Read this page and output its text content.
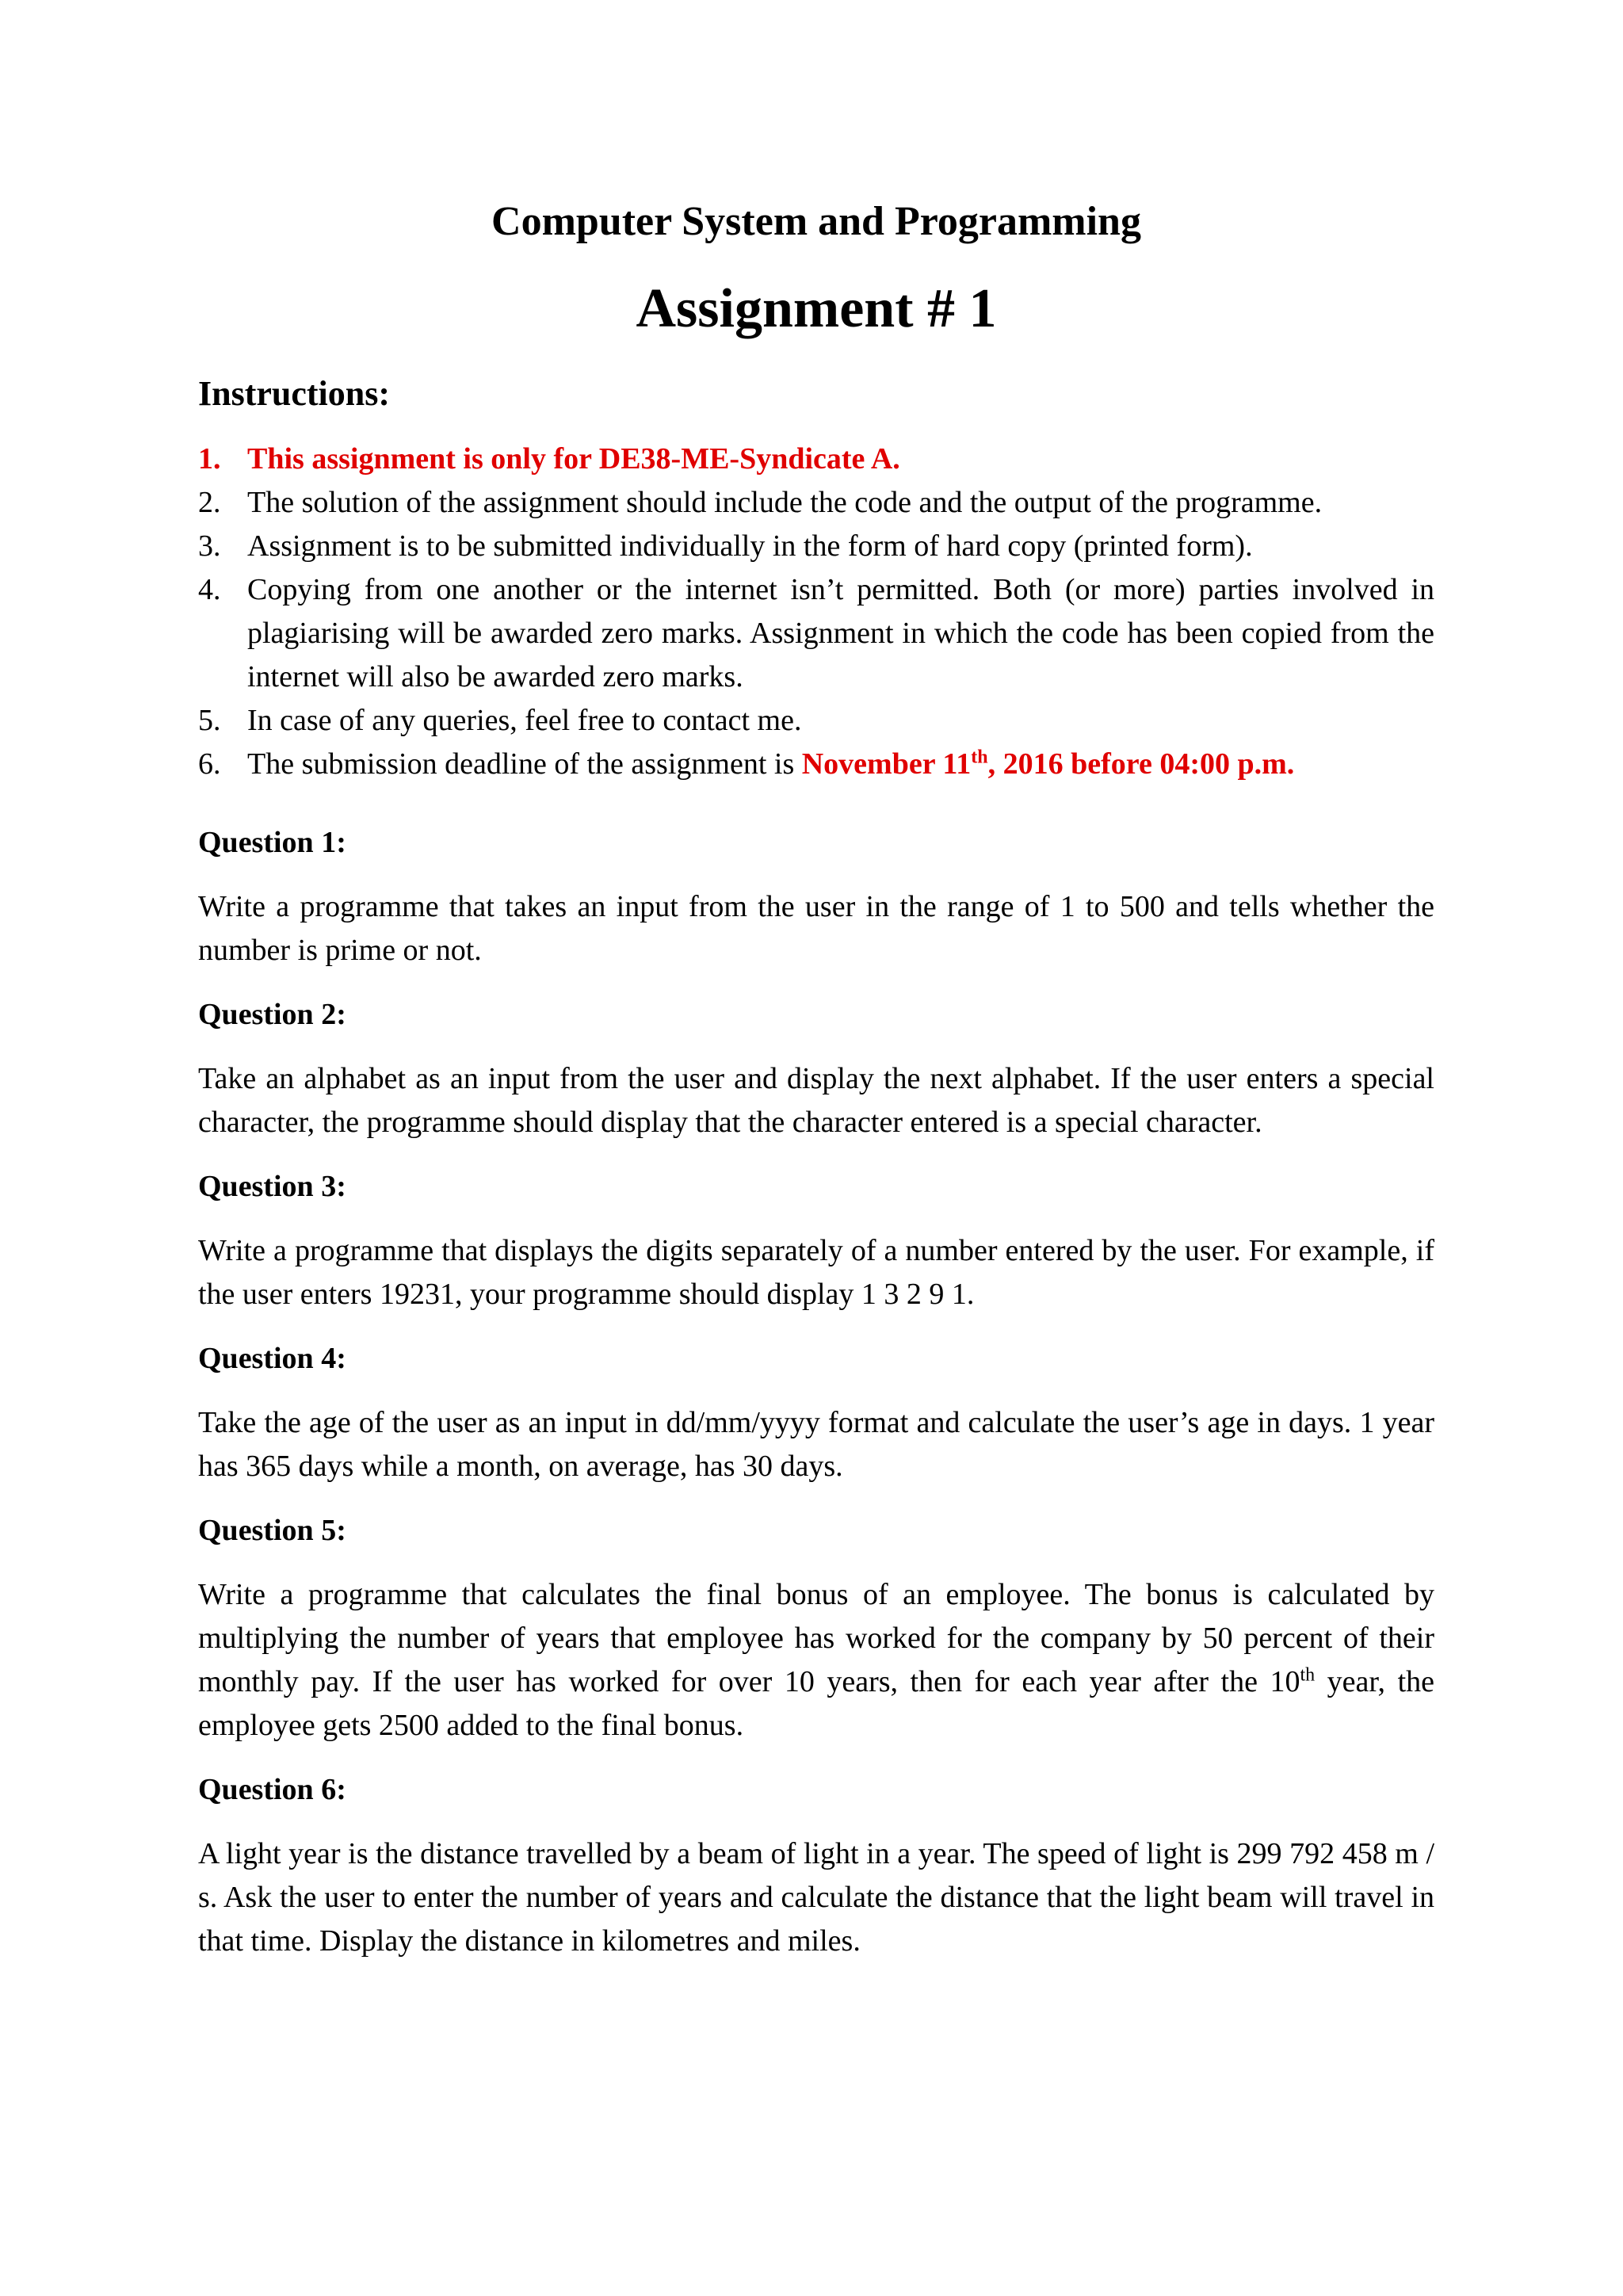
Computer System and Programming
Assignment # 1
Instructions:
1. This assignment is only for DE38-ME-Syndicate A.
2. The solution of the assignment should include the code and the output of the programme.
3. Assignment is to be submitted individually in the form of hard copy (printed form).
4. Copying from one another or the internet isn’t permitted. Both (or more) parties involved in plagiarising will be awarded zero marks. Assignment in which the code has been copied from the internet will also be awarded zero marks.
5. In case of any queries, feel free to contact me.
6. The submission deadline of the assignment is November 11th, 2016 before 04:00 p.m.
Question 1:
Write a programme that takes an input from the user in the range of 1 to 500 and tells whether the number is prime or not.
Question 2:
Take an alphabet as an input from the user and display the next alphabet. If the user enters a special character, the programme should display that the character entered is a special character.
Question 3:
Write a programme that displays the digits separately of a number entered by the user. For example, if the user enters 19231, your programme should display 1 3 2 9 1.
Question 4:
Take the age of the user as an input in dd/mm/yyyy format and calculate the user’s age in days. 1 year has 365 days while a month, on average, has 30 days.
Question 5:
Write a programme that calculates the final bonus of an employee. The bonus is calculated by multiplying the number of years that employee has worked for the company by 50 percent of their monthly pay. If the user has worked for over 10 years, then for each year after the 10th year, the employee gets 2500 added to the final bonus.
Question 6:
A light year is the distance travelled by a beam of light in a year. The speed of light is 299 792 458 m / s. Ask the user to enter the number of years and calculate the distance that the light beam will travel in that time. Display the distance in kilometres and miles.
